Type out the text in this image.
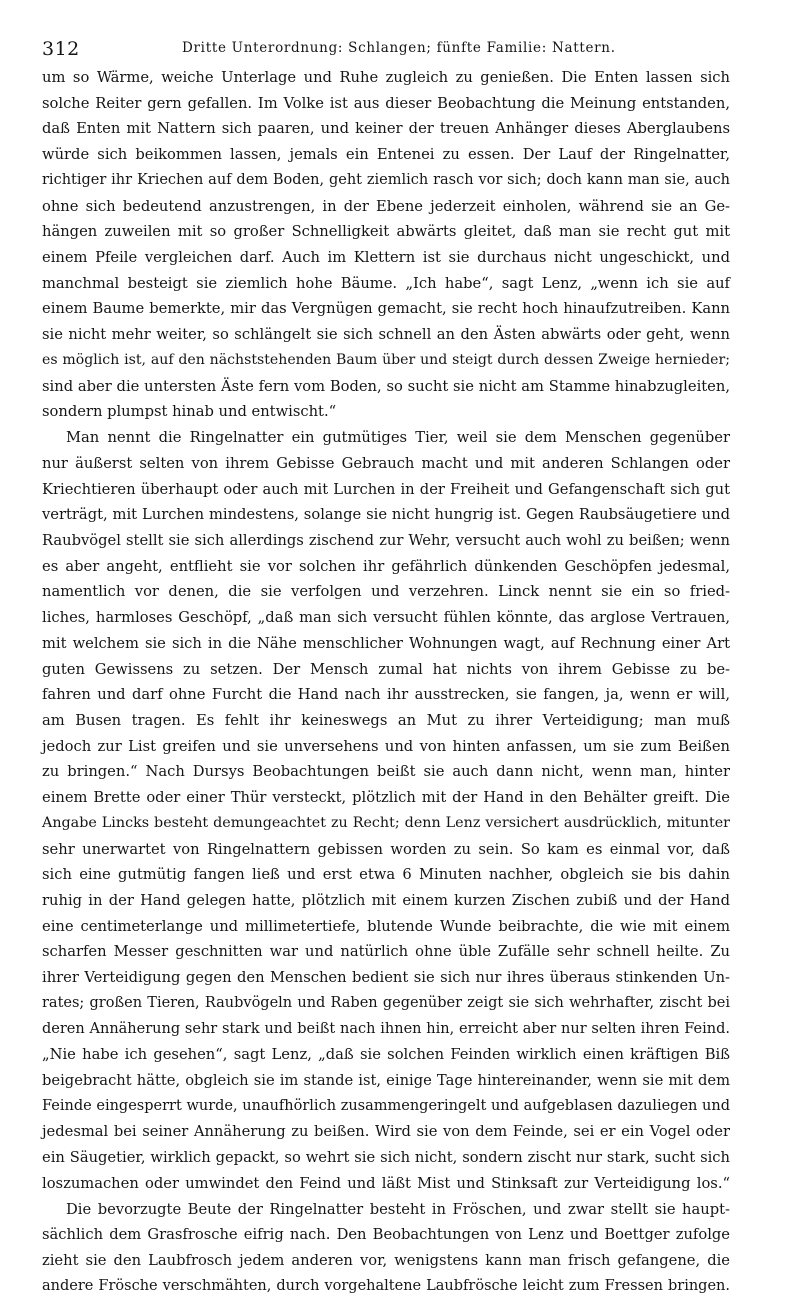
312	Dritte Unterordnung: Schlangen; fünfte Familie: Nattern.
um so Wärme, weiche Unterlage und Ruhe zugleich zu genießen. Die Enten lassen sich
solche Reiter gern gefallen. Im Volke ist aus dieser Beobachtung die Meinung entstanden,
daß Enten mit Nattern sich paaren, und keiner der treuen Anhänger dieses Aberglaubens
würde sich beikommen lassen, jemals ein Entenei zu essen. Der Lauf der Ringelnatter,
richtiger ihr Kriechen auf dem Boden, geht ziemlich rasch vor sich; doch kann man sie, auch
ohne sich bedeutend anzustrengen, in der Ebene jederzeit einholen, während sie an Ge-
hängen zuweilen mit so großer Schnelligkeit abwärts gleitet, daß man sie recht gut mit
einem Pfeile vergleichen darf. Auch im Klettern ist sie durchaus nicht ungeschickt, und
manchmal besteigt sie ziemlich hohe Bäume. „Ich habe“, sagt Lenz, „wenn ich sie auf
einem Baume bemerkte, mir das Vergnügen gemacht, sie recht hoch hinaufzutreiben. Kann
sie nicht mehr weiter, so schlängelt sie sich schnell an den Ästen abwärts oder geht, wenn
es möglich ist, auf den nächststehenden Baum über und steigt durch dessen Zweige hernieder;
sind aber die untersten Äste fern vom Boden, so sucht sie nicht am Stamme hinabzugleiten,
sondern plumpst hinab und entwischt.“
Man nennt die Ringelnatter ein gutmütiges Tier, weil sie dem Menschen gegenüber
nur äußerst selten von ihrem Gebisse Gebrauch macht und mit anderen Schlangen oder
Kriechtieren überhaupt oder auch mit Lurchen in der Freiheit und Gefangenschaft sich gut
verträgt, mit Lurchen mindestens, solange sie nicht hungrig ist. Gegen Raubsäugetiere und
Raubvögel stellt sie sich allerdings zischend zur Wehr, versucht auch wohl zu beißen; wenn
es aber angeht, entflieht sie vor solchen ihr gefährlich dünkenden Geschöpfen jedesmal,
namentlich vor denen, die sie verfolgen und verzehren. Linck nennt sie ein so fried-
liches, harmloses Geschöpf, „daß man sich versucht fühlen könnte, das arglose Vertrauen,
mit welchem sie sich in die Nähe menschlicher Wohnungen wagt, auf Rechnung einer Art
guten Gewissens zu setzen. Der Mensch zumal hat nichts von ihrem Gebisse zu be-
fahren und darf ohne Furcht die Hand nach ihr ausstrecken, sie fangen, ja, wenn er will,
am Busen tragen. Es fehlt ihr keineswegs an Mut zu ihrer Verteidigung; man muß
jedoch zur List greifen und sie unversehens und von hinten anfassen, um sie zum Beißen
zu bringen.“ Nach Dursys Beobachtungen beißt sie auch dann nicht, wenn man, hinter
einem Brette oder einer Thür versteckt, plötzlich mit der Hand in den Behälter greift. Die
Angabe Lincks besteht demungeachtet zu Recht; denn Lenz versichert ausdrücklich, mitunter
sehr unerwartet von Ringelnattern gebissen worden zu sein. So kam es einmal vor, daß
sich eine gutmütig fangen ließ und erst etwa 6 Minuten nachher, obgleich sie bis dahin
ruhig in der Hand gelegen hatte, plötzlich mit einem kurzen Zischen zubiß und der Hand
eine centimeterlange und millimetertiefe, blutende Wunde beibrachte, die wie mit einem
scharfen Messer geschnitten war und natürlich ohne üble Zufälle sehr schnell heilte. Zu
ihrer Verteidigung gegen den Menschen bedient sie sich nur ihres überaus stinkenden Un-
rates; großen Tieren, Raubvögeln und Raben gegenüber zeigt sie sich wehrhafter, zischt bei
deren Annäherung sehr stark und beißt nach ihnen hin, erreicht aber nur selten ihren Feind.
„Nie habe ich gesehen“, sagt Lenz, „daß sie solchen Feinden wirklich einen kräftigen Biß
beigebracht hätte, obgleich sie im stande ist, einige Tage hintereinander, wenn sie mit dem
Feinde eingesperrt wurde, unaufhörlich zusammengeringelt und aufgeblasen dazuliegen und
jedesmal bei seiner Annäherung zu beißen. Wird sie von dem Feinde, sei er ein Vogel oder
ein Säugetier, wirklich gepackt, so wehrt sie sich nicht, sondern zischt nur stark, sucht sich
loszumachen oder umwindet den Feind und läßt Mist und Stinksaft zur Verteidigung los.“
Die bevorzugte Beute der Ringelnatter besteht in Fröschen, und zwar stellt sie haupt-
sächlich dem Grasfrosche eifrig nach. Den Beobachtungen von Lenz und Boettger zufolge
zieht sie den Laubfrosch jedem anderen vor, wenigstens kann man frisch gefangene, die
andere Frösche verschmähten, durch vorgehaltene Laubfrösche leicht zum Fressen bringen.
